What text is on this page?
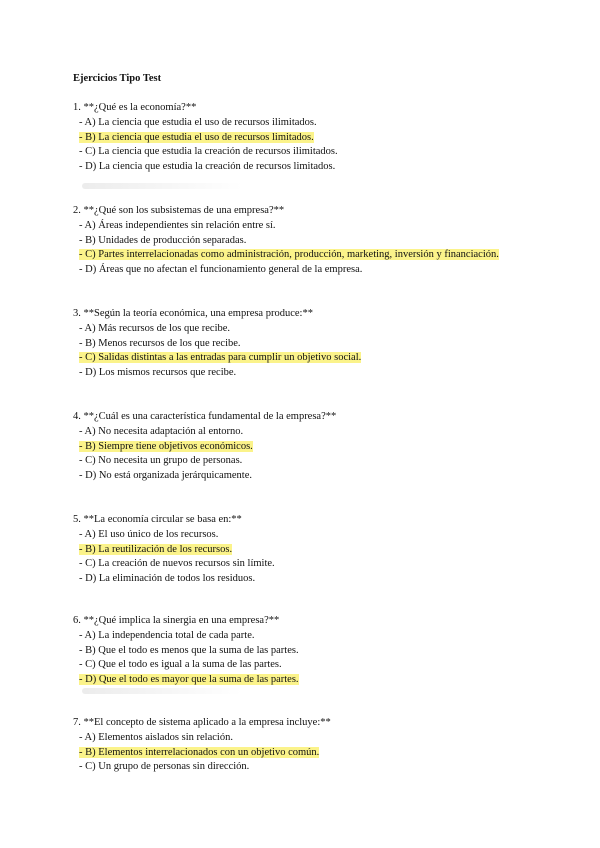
Ejercicios Tipo Test
1. **¿Qué es la economía?**
- A) La ciencia que estudia el uso de recursos ilimitados.
- B) La ciencia que estudia el uso de recursos limitados.
- C) La ciencia que estudia la creación de recursos ilimitados.
- D) La ciencia que estudia la creación de recursos limitados.
2. **¿Qué son los subsistemas de una empresa?**
- A) Áreas independientes sin relación entre sí.
- B) Unidades de producción separadas.
- C) Partes interrelacionadas como administración, producción, marketing, inversión y financiación.
- D) Áreas que no afectan el funcionamiento general de la empresa.
3. **Según la teoría económica, una empresa produce:**
- A) Más recursos de los que recibe.
- B) Menos recursos de los que recibe.
- C) Salidas distintas a las entradas para cumplir un objetivo social.
- D) Los mismos recursos que recibe.
4. **¿Cuál es una característica fundamental de la empresa?**
- A) No necesita adaptación al entorno.
- B) Siempre tiene objetivos económicos.
- C) No necesita un grupo de personas.
- D) No está organizada jerárquicamente.
5. **La economía circular se basa en:**
- A) El uso único de los recursos.
- B) La reutilización de los recursos.
- C) La creación de nuevos recursos sin límite.
- D) La eliminación de todos los residuos.
6. **¿Qué implica la sinergia en una empresa?**
- A) La independencia total de cada parte.
- B) Que el todo es menos que la suma de las partes.
- C) Que el todo es igual a la suma de las partes.
- D) Que el todo es mayor que la suma de las partes.
7. **El concepto de sistema aplicado a la empresa incluye:**
- A) Elementos aislados sin relación.
- B) Elementos interrelacionados con un objetivo común.
- C) Un grupo de personas sin dirección.
